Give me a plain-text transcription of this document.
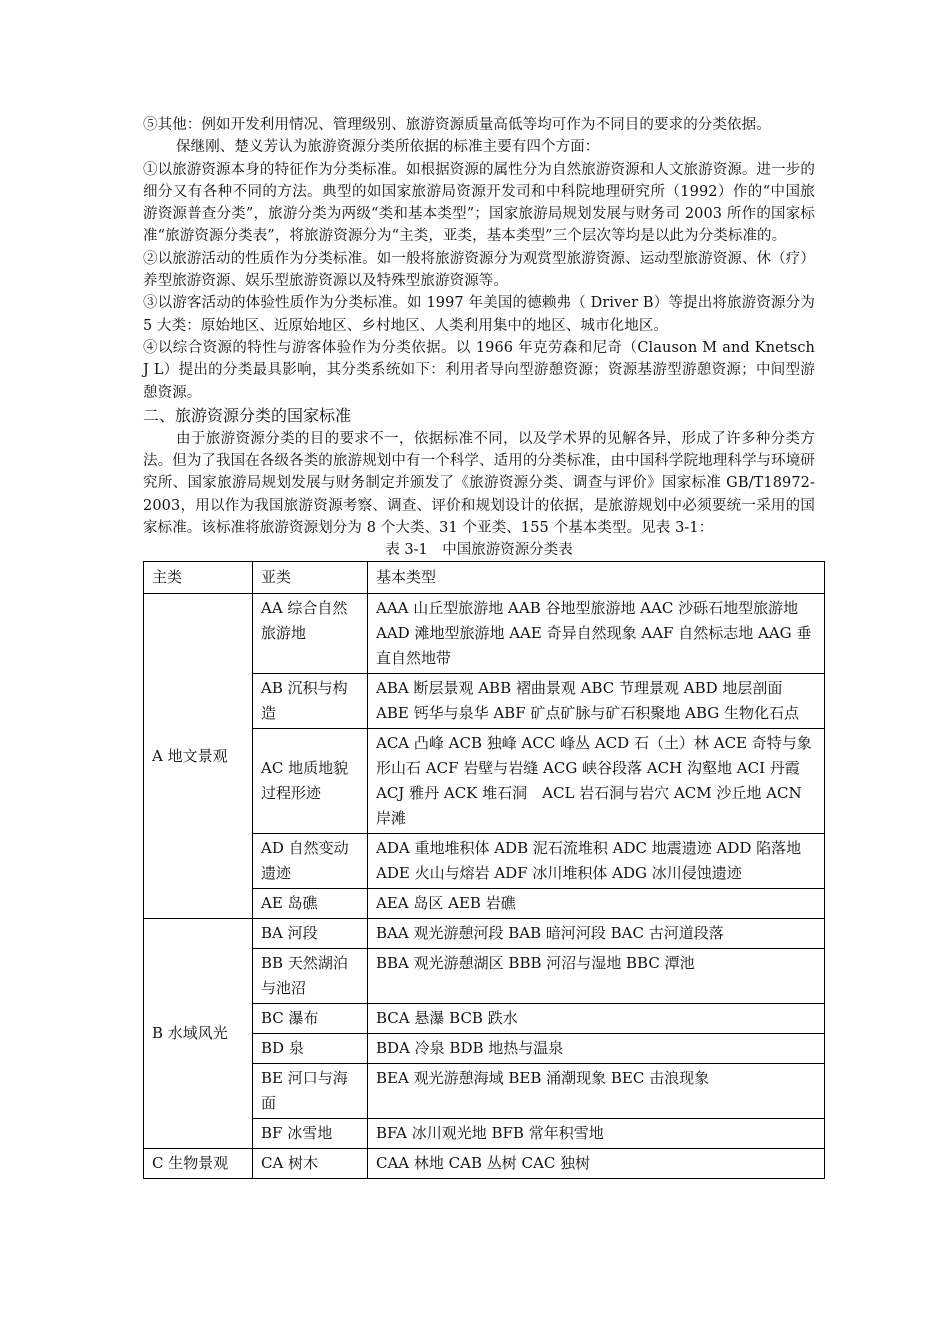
⑤其他：例如开发利用情况、管理级别、旅游资源质量高低等均可作为不同目的要求的分类依据。

保继刚、楚义芳认为旅游资源分类所依据的标准主要有四个方面：

①以旅游资源本身的特征作为分类标准。如根据资源的属性分为自然旅游资源和人文旅游资源。进一步的细分又有各种不同的方法。典型的如国家旅游局资源开发司和中科院地理研究所（1992）作的“中国旅游资源普查分类”，旅游分类为两级“类和基本类型”；国家旅游局规划发展与财务司 2003 所作的国家标准“旅游资源分类表”，将旅游资源分为“主类，亚类，基本类型”三个层次等均是以此为分类标准的。

②以旅游活动的性质作为分类标准。如一般将旅游资源分为观赏型旅游资源、运动型旅游资源、休（疗）养型旅游资源、娱乐型旅游资源以及特殊型旅游资源等。

③以游客活动的体验性质作为分类标准。如 1997 年美国的德赖弗（ Driver B）等提出将旅游资源分为 5 大类：原始地区、近原始地区、乡村地区、人类利用集中的地区、城市化地区。

④以综合资源的特性与游客体验作为分类依据。以 1966 年克劳森和尼奇（Clauson M and Knetsch J L）提出的分类最具影响，其分类系统如下：利用者导向型游憩资源；资源基游型游憩资源；中间型游憩资源。

二、旅游资源分类的国家标准

由于旅游资源分类的目的要求不一，依据标准不同，以及学术界的见解各异，形成了许多种分类方法。但为了我国在各级各类的旅游规划中有一个科学、适用的分类标准，由中国科学院地理科学与环境研究所、国家旅游局规划发展与财务制定并颁发了《旅游资源分类、调查与评价》国家标准 GB/T18972-2003，用以作为我国旅游资源考察、调查、评价和规划设计的依据，是旅游规划中必须要统一采用的国家标准。该标准将旅游资源划分为 8 个大类、31 个亚类、155 个基本类型。见表 3-1：

表 3-1　中国旅游资源分类表

主类	亚类	基本类型
A 地文景观	AA 综合自然旅游地	AAA 山丘型旅游地 AAB 谷地型旅游地 AAC 沙砾石地型旅游地 AAD 滩地型旅游地 AAE 奇异自然现象 AAF 自然标志地 AAG 垂直自然地带
	AB 沉积与构造	ABA 断层景观 ABB 褶曲景观 ABC 节理景观 ABD 地层剖面 ABE 钙华与泉华 ABF 矿点矿脉与矿石积聚地 ABG 生物化石点
	AC 地质地貌过程形迹	ACA 凸峰 ACB 独峰 ACC 峰丛 ACD 石（土）林 ACE 奇特与象形山石 ACF 岩壁与岩缝 ACG 峡谷段落 ACH 沟壑地 ACI 丹霞 ACJ 雅丹 ACK 堆石洞　ACL 岩石洞与岩穴 ACM 沙丘地 ACN 岸滩
	AD 自然变动遗迹	ADA 重地堆积体 ADB 泥石流堆积 ADC 地震遗迹 ADD 陷落地 ADE 火山与熔岩 ADF 冰川堆积体 ADG 冰川侵蚀遗迹
	AE 岛礁	AEA 岛区 AEB 岩礁
B 水域风光	BA 河段	BAA 观光游憩河段 BAB 暗河河段 BAC 古河道段落
	BB 天然湖泊与池沼	BBA 观光游憩湖区 BBB 河沼与湿地 BBC 潭池
	BC 瀑布	BCA 悬瀑 BCB 跌水
	BD 泉	BDA 冷泉 BDB 地热与温泉
	BE 河口与海面	BEA 观光游憩海域 BEB 涌潮现象 BEC 击浪现象
	BF 冰雪地	BFA 冰川观光地 BFB 常年积雪地
C 生物景观	CA 树木	CAA 林地 CAB 丛树 CAC 独树
